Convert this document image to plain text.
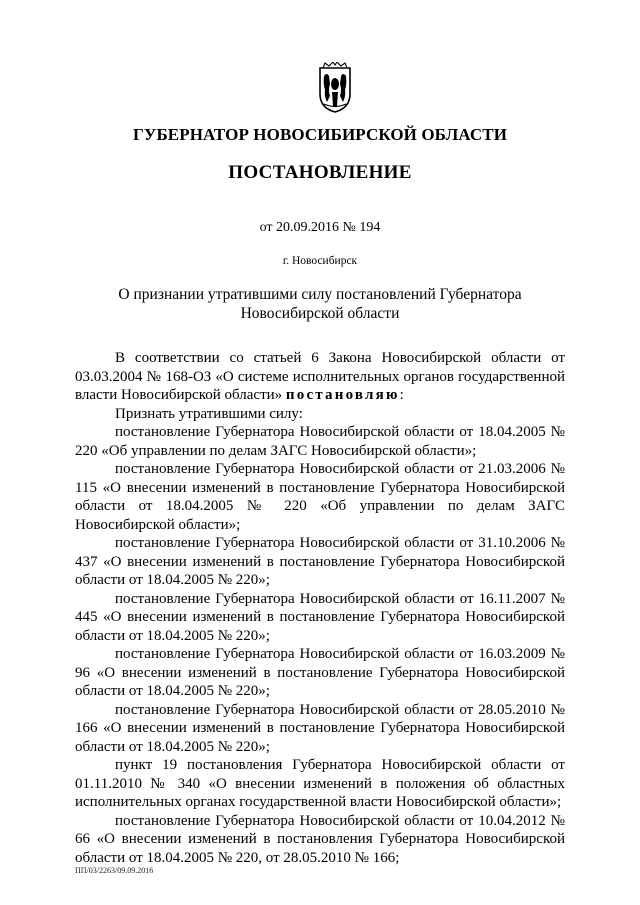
ГУБЕРНАТОР НОВОСИБИРСКОЙ ОБЛАСТИ
ПОСТАНОВЛЕНИЕ
от 20.09.2016 № 194
г. Новосибирск
О признании утратившими силу постановлений Губернатора
Новосибирской области

В соответствии со статьей 6 Закона Новосибирской области от 03.03.2004 № 168-ОЗ «О системе исполнительных органов государственной власти Новосибирской области» постановляю:

Признать утратившими силу:

постановление Губернатора Новосибирской области от 18.04.2005 № 220 «Об управлении по делам ЗАГС Новосибирской области»;

постановление Губернатора Новосибирской области от 21.03.2006 № 115 «О внесении изменений в постановление Губернатора Новосибирской области от 18.04.2005 № 220 «Об управлении по делам ЗАГС Новосибирской области»;

постановление Губернатора Новосибирской области от 31.10.2006 № 437 «О внесении изменений в постановление Губернатора Новосибирской области от 18.04.2005 № 220»;

постановление Губернатора Новосибирской области от 16.11.2007 № 445 «О внесении изменений в постановление Губернатора Новосибирской области от 18.04.2005 № 220»;

постановление Губернатора Новосибирской области от 16.03.2009 № 96 «О внесении изменений в постановление Губернатора Новосибирской области от 18.04.2005 № 220»;

постановление Губернатора Новосибирской области от 28.05.2010 № 166 «О внесении изменений в постановление Губернатора Новосибирской области от 18.04.2005 № 220»;

пункт 19 постановления Губернатора Новосибирской области от 01.11.2010 № 340 «О внесении изменений в положения об областных исполнительных органах государственной власти Новосибирской области»;

постановление Губернатора Новосибирской области от 10.04.2012 № 66 «О внесении изменений в постановления Губернатора Новосибирской области от 18.04.2005 № 220, от 28.05.2010 № 166;

ПП/03/2263/09.09.2016
